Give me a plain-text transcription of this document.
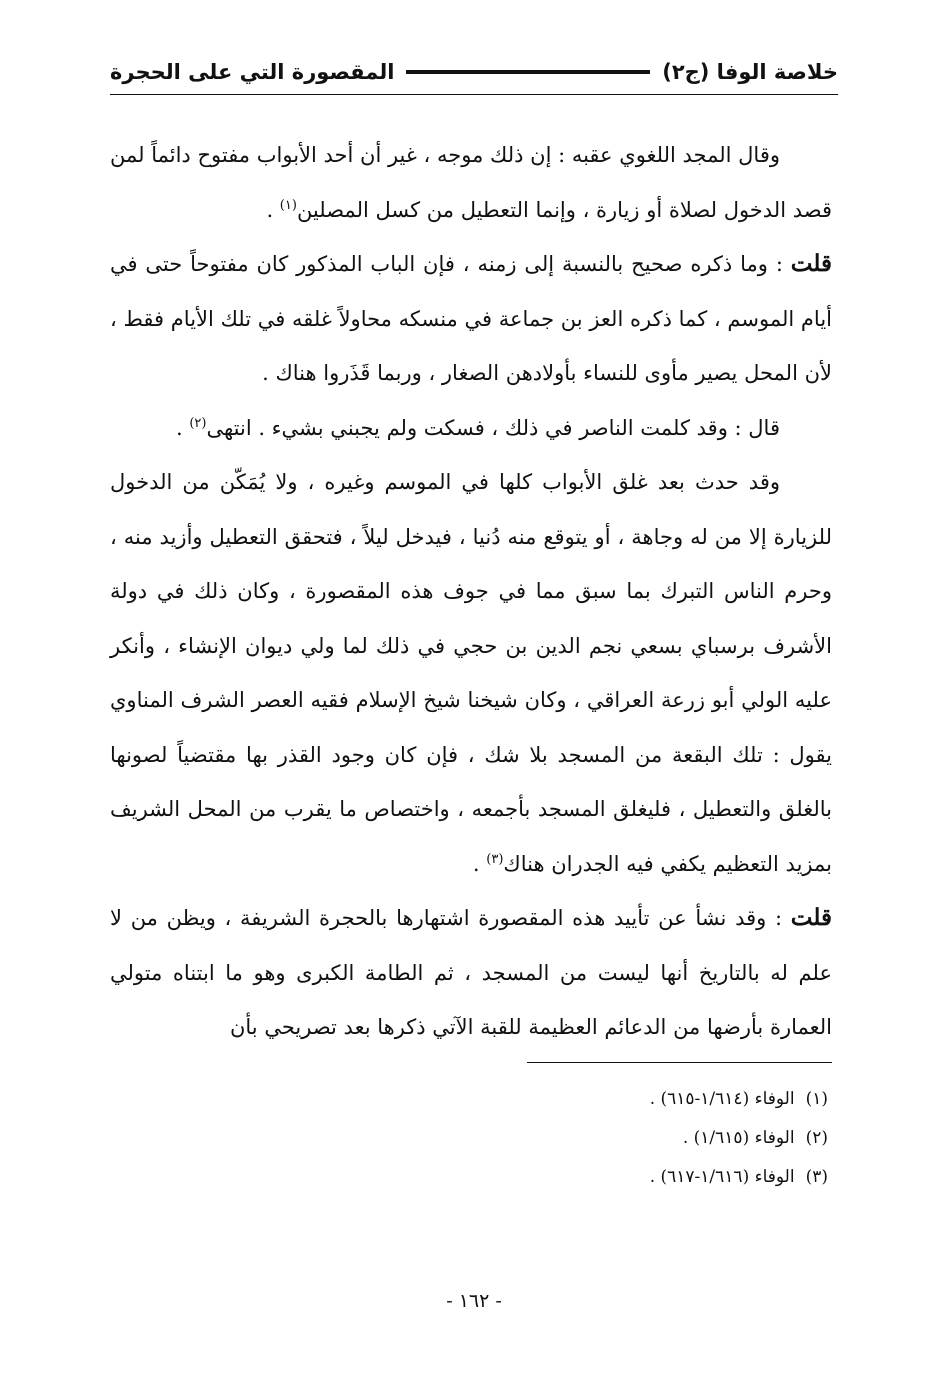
خلاصة الوفا (ج٢)
المقصورة التي على الحجرة

وقال المجد اللغوي عقبه : إن ذلك موجه ، غير أن أحد الأبواب مفتوح دائماً لمن قصد الدخول لصلاة أو زيارة ، وإنما التعطيل من كسل المصلين$^{(١)}$ .

قلت : وما ذكره صحيح بالنسبة إلى زمنه ، فإن الباب المذكور كان مفتوحاً حتى في أيام الموسم ، كما ذكره العز بن جماعة في منسكه محاولاً غلقه في تلك الأيام فقط ، لأن المحل يصير مأوى للنساء بأولادهن الصغار ، وربما قَذَروا هناك .

قال : وقد كلمت الناصر في ذلك ، فسكت ولم يجبني بشيء . انتهى$^{(٢)}$ .

وقد حدث بعد غلق الأبواب كلها في الموسم وغيره ، ولا يُمَكّن من الدخول للزيارة إلا من له وجاهة ، أو يتوقع منه دُنيا ، فيدخل ليلاً ، فتحقق التعطيل وأزيد منه ، وحرم الناس التبرك بما سبق مما في جوف هذه المقصورة ، وكان ذلك في دولة الأشرف برسباي بسعي نجم الدين بن حجي في ذلك لما ولي ديوان الإنشاء ، وأنكر عليه الولي أبو زرعة العراقي ، وكان شيخنا شيخ الإسلام فقيه العصر الشرف المناوي يقول : تلك البقعة من المسجد بلا شك ، فإن كان وجود القذر بها مقتضياً لصونها بالغلق والتعطيل ، فليغلق المسجد بأجمعه ، واختصاص ما يقرب من المحل الشريف بمزيد التعظيم يكفي فيه الجدران هناك$^{(٣)}$ .

قلت : وقد نشأ عن تأييد هذه المقصورة اشتهارها بالحجرة الشريفة ، ويظن من لا علم له بالتاريخ أنها ليست من المسجد ، ثم الطامة الكبرى وهو ما ابتناه متولي العمارة بأرضها من الدعائم العظيمة للقبة الآتي ذكرها بعد تصريحي بأن

(١) الوفاء (١/٦١٤-٦١٥) .
(٢) الوفاء (١/٦١٥) .
(٣) الوفاء (١/٦١٦-٦١٧) .
- ١٦٢ -
